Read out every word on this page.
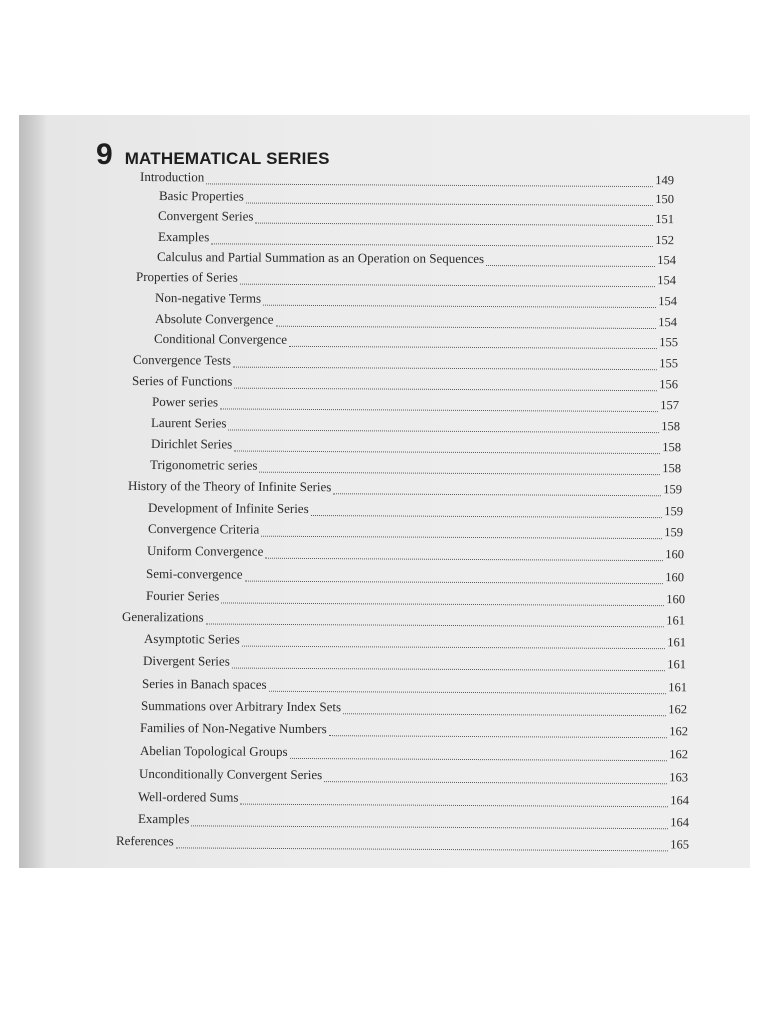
9 MATHEMATICAL SERIES
Introduction	149
Basic Properties	150
Convergent Series	151
Examples	152
Calculus and Partial Summation as an Operation on Sequences	154
Properties of Series	154
Non-negative Terms	154
Absolute Convergence	154
Conditional Convergence	155
Convergence Tests	155
Series of Functions	156
Power series	157
Laurent Series	158
Dirichlet Series	158
Trigonometric series	158
History of the Theory of Infinite Series	159
Development of Infinite Series	159
Convergence Criteria	159
Uniform Convergence	160
Semi-convergence	160
Fourier Series	160
Generalizations	161
Asymptotic Series	161
Divergent Series	161
Series in Banach spaces	161
Summations over Arbitrary Index Sets	162
Families of Non-Negative Numbers	162
Abelian Topological Groups	162
Unconditionally Convergent Series	163
Well-ordered Sums	164
Examples	164
References	165
